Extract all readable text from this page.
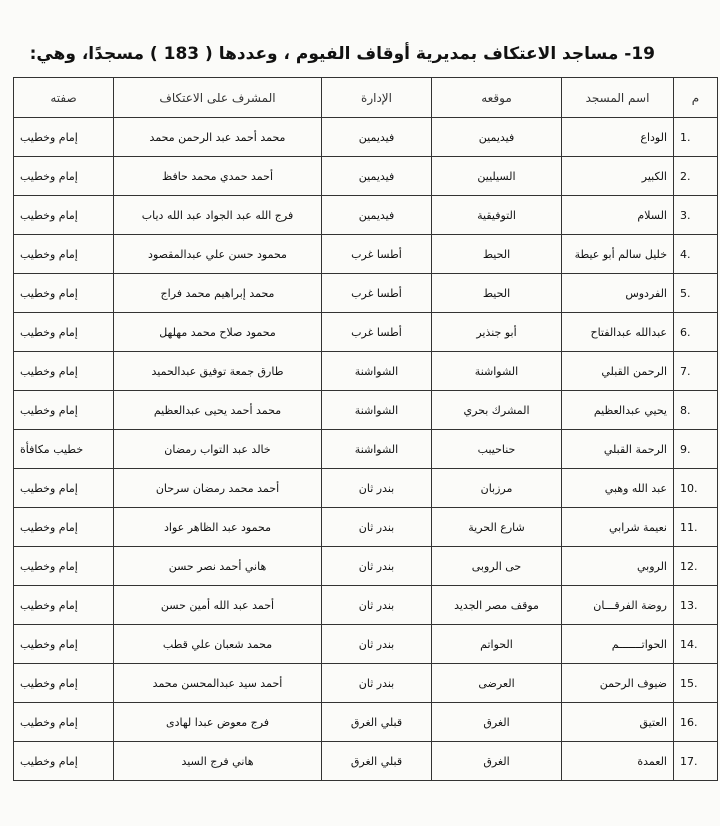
19- مساجد الاعتكاف بمديرية أوقاف الفيوم ، وعددها ( 183 ) مسجدًا، وهي:
م	اسم المسجد	موقعه	الإدارة	المشرف على الاعتكاف	صفته
1.	الوداع	فيديمين	فيديمين	محمد أحمد عبد الرحمن محمد	إمام وخطيب
2.	الكبير	السيليين	فيديمين	أحمد حمدي محمد حافظ	إمام وخطيب
3.	السلام	التوفيقية	فيديمين	فرج الله عبد الجواد عبد الله دياب	إمام وخطيب
4.	خليل سالم أبو عيطة	الحيط	أطسا غرب	محمود حسن علي عبدالمقصود	إمام وخطيب
5.	الفردوس	الحيط	أطسا غرب	محمد إبراهيم محمد فراج	إمام وخطيب
6.	عبدالله عبدالفتاح	أبو جنذير	أطسا غرب	محمود صلاح محمد مهلهل	إمام وخطيب
7.	الرحمن القبلي	الشواشنة	الشواشنة	طارق جمعة توفيق عبدالحميد	إمام وخطيب
8.	يحيي عبدالعظيم	المشرك بحري	الشواشنة	محمد أحمد يحيى عبدالعظيم	إمام وخطيب
9.	الرحمة القبلي	حناحيبب	الشواشنة	خالد عبد التواب رمضان	خطيب مكافأة
10.	عبد الله وهبي	مرزبان	بندر ثان	أحمد محمد رمضان سرحان	إمام وخطيب
11.	نعيمة شرابي	شارع الحرية	بندر ثان	محمود عبد الظاهر عواد	إمام وخطيب
12.	الروبي	حى الروبى	بندر ثان	هاني أحمد نصر حسن	إمام وخطيب
13.	روضة الفرقـــان	موقف مصر الجديد	بندر ثان	أحمد عبد الله أمين حسن	إمام وخطيب
14.	الحواتـــــــم	الحواتم	بندر ثان	محمد شعبان علي قطب	إمام وخطيب
15.	ضيوف الرحمن	العرضى	بندر ثان	أحمد سيد عبدالمحسن محمد	إمام وخطيب
16.	العتيق	الغرق	قبلي الغرق	فرج معوض عبدا لهادى	إمام وخطيب
17.	العمدة	الغرق	قبلي الغرق	هاني فرج السيد	إمام وخطيب
